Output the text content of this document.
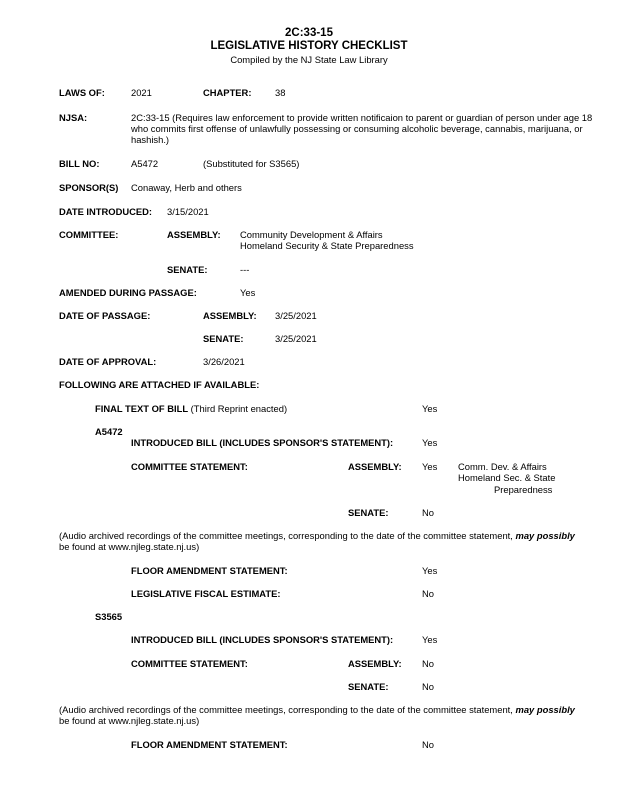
2C:33-15
LEGISLATIVE HISTORY CHECKLIST
Compiled by the NJ State Law Library
LAWS OF:	2021	CHAPTER:	38
NJSA:	2C:33-15 (Requires law enforcement to provide written notificaion to parent or guardian of person under age 18 who commits first offense of unlawfully possessing or consuming alcoholic beverage, cannabis, marijuana, or hashish.)
BILL NO:	A5472	(Substituted for S3565)
SPONSOR(S) Conaway, Herb and others
DATE INTRODUCED: 3/15/2021
COMMITTEE:	ASSEMBLY: Community Development & Affairs
Homeland Security & State Preparedness
SENATE:	---
AMENDED DURING PASSAGE:	Yes
DATE OF PASSAGE:	ASSEMBLY: 3/25/2021
SENATE:	3/25/2021
DATE OF APPROVAL:	3/26/2021
FOLLOWING ARE ATTACHED IF AVAILABLE:
FINAL TEXT OF BILL (Third Reprint enacted)	Yes
A5472
INTRODUCED BILL (INCLUDES SPONSOR'S STATEMENT):	Yes
COMMITTEE STATEMENT:	ASSEMBLY: Yes Comm. Dev. & Affairs
Homeland Sec. & State
Preparedness
SENATE:	No
(Audio archived recordings of the committee meetings, corresponding to the date of the committee statement, may possibly
be found at www.njleg.state.nj.us)
FLOOR AMENDMENT STATEMENT:	Yes
LEGISLATIVE FISCAL ESTIMATE:	No
S3565
INTRODUCED BILL (INCLUDES SPONSOR'S STATEMENT):	Yes
COMMITTEE STATEMENT:	ASSEMBLY: No
SENATE:	No
(Audio archived recordings of the committee meetings, corresponding to the date of the committee statement, may possibly
be found at www.njleg.state.nj.us)
FLOOR AMENDMENT STATEMENT:	No
